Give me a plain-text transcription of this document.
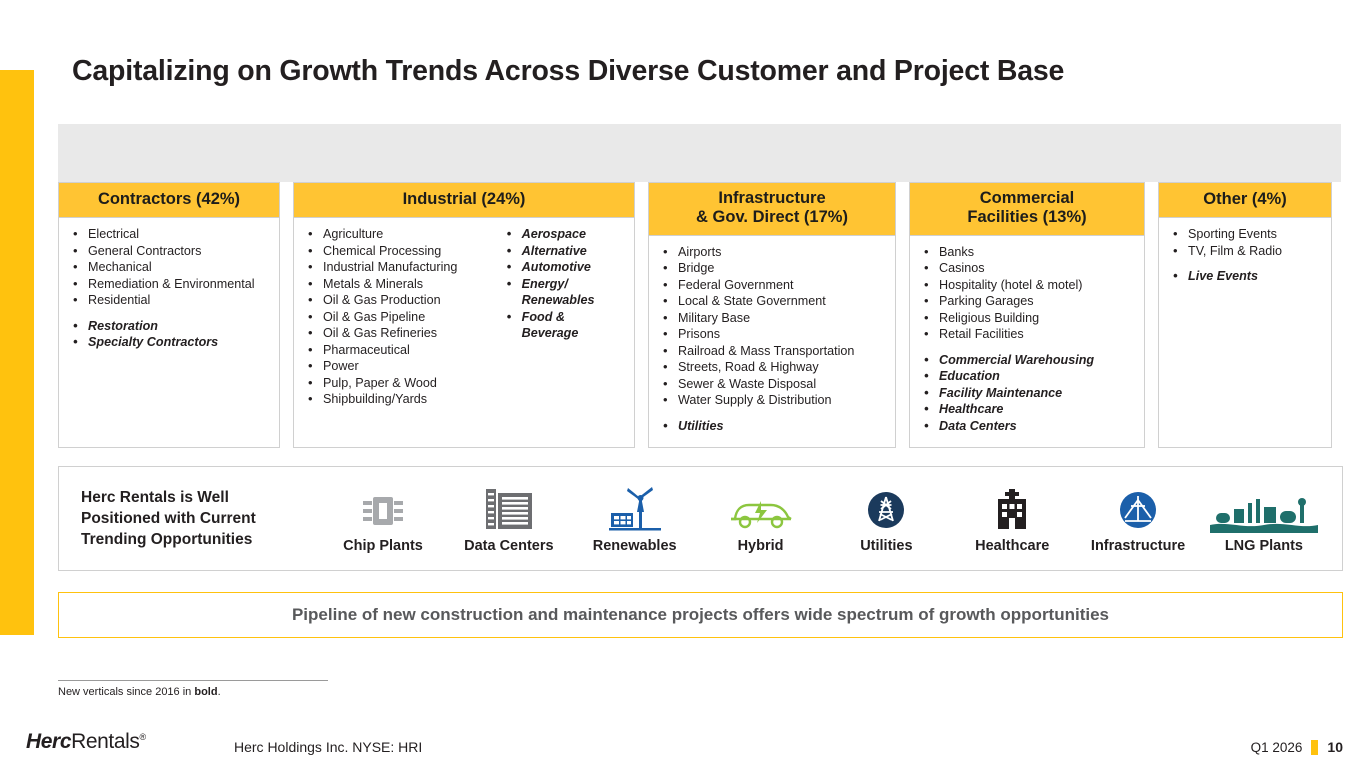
Capitalizing on Growth Trends Across Diverse Customer and Project Base
Contractors (42%)
• Electrical
• General Contractors
• Mechanical
• Remediation & Environmental
• Residential
• Restoration
• Specialty Contractors
Industrial (24%)
• Agriculture
• Chemical Processing
• Industrial Manufacturing
• Metals & Minerals
• Oil & Gas Production
• Oil & Gas Pipeline
• Oil & Gas Refineries
• Pharmaceutical
• Power
• Pulp, Paper & Wood
• Shipbuilding/Yards
• Aerospace
• Alternative
• Automotive
• Energy/ Renewables
• Food & Beverage
Infrastructure
& Gov. Direct (17%)
• Airports
• Bridge
• Federal Government
• Local & State Government
• Military Base
• Prisons
• Railroad & Mass Transportation
• Streets, Road & Highway
• Sewer & Waste Disposal
• Water Supply & Distribution
• Utilities
Commercial
Facilities (13%)
• Banks
• Casinos
• Hospitality (hotel & motel)
• Parking Garages
• Religious Building
• Retail Facilities
• Commercial Warehousing
• Education
• Facility Maintenance
• Healthcare
• Data Centers
Other (4%)
• Sporting Events
• TV, Film & Radio
• Live Events
Herc Rentals is Well
Positioned with Current
Trending Opportunities	Chip Plants	Data Centers	Renewables	Hybrid	Utilities	Healthcare	Infrastructure	LNG Plants
Pipeline of new construction and maintenance projects offers wide spectrum of growth opportunities
New verticals since 2016 in bold.
HercRentals®
Herc Holdings Inc. NYSE: HRI	Q1 2026 10
